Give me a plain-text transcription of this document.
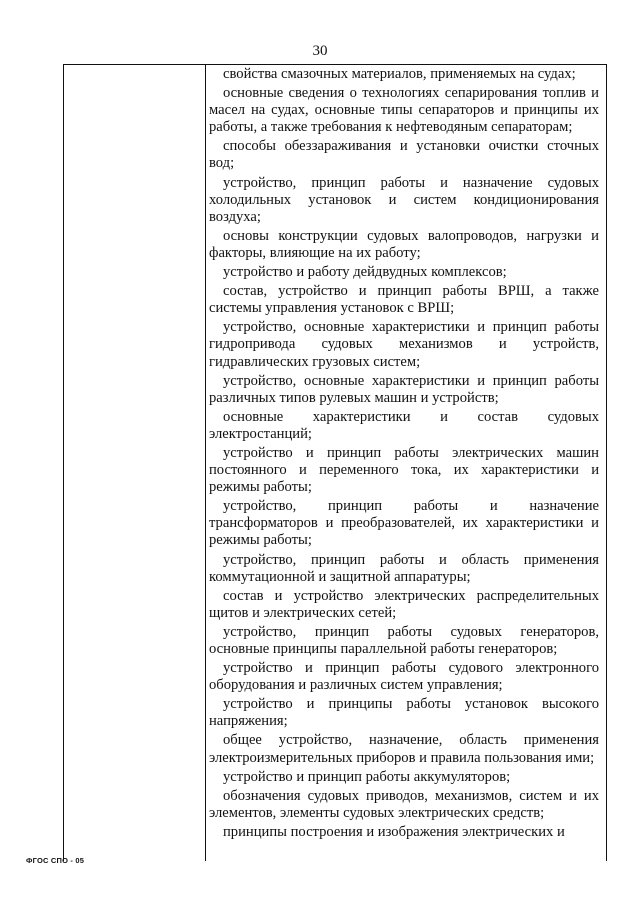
30

свойства смазочных материалов, применяемых на судах;

основные сведения о технологиях сепарирования топлив и масел на судах, основные типы сепараторов и принципы их работы, а также требования к нефтеводяным сепараторам;

способы обеззараживания и установки очистки сточных вод;

устройство, принцип работы и назначение судовых холодильных установок и систем кондиционирования воздуха;

основы конструкции судовых валопроводов, нагрузки и факторы, влияющие на их работу;

устройство и работу дейдвудных комплексов;

состав, устройство и принцип работы ВРШ, а также системы управления установок с ВРШ;

устройство, основные характеристики и принцип работы гидропривода судовых механизмов и устройств, гидравлических грузовых систем;

устройство, основные характеристики и принцип работы различных типов рулевых машин и устройств;

основные характеристики и состав судовых электростанций;

устройство и принцип работы электрических машин постоянного и переменного тока, их характеристики и режимы работы;

устройство, принцип работы и назначение трансформаторов и преобразователей, их характеристики и режимы работы;

устройство, принцип работы и область применения коммутационной и защитной аппаратуры;

состав и устройство электрических распределительных щитов и электрических сетей;

устройство, принцип работы судовых генераторов, основные принципы параллельной работы генераторов;

устройство и принцип работы судового электронного оборудования и различных систем управления;

устройство и принципы работы установок высокого напряжения;

общее устройство, назначение, область применения электроизмерительных приборов и правила пользования ими;

устройство и принцип работы аккумуляторов;

обозначения судовых приводов, механизмов, систем и их элементов, элементы судовых электрических средств;

принципы построения и изображения электрических и

ФГОС СПО - 05
